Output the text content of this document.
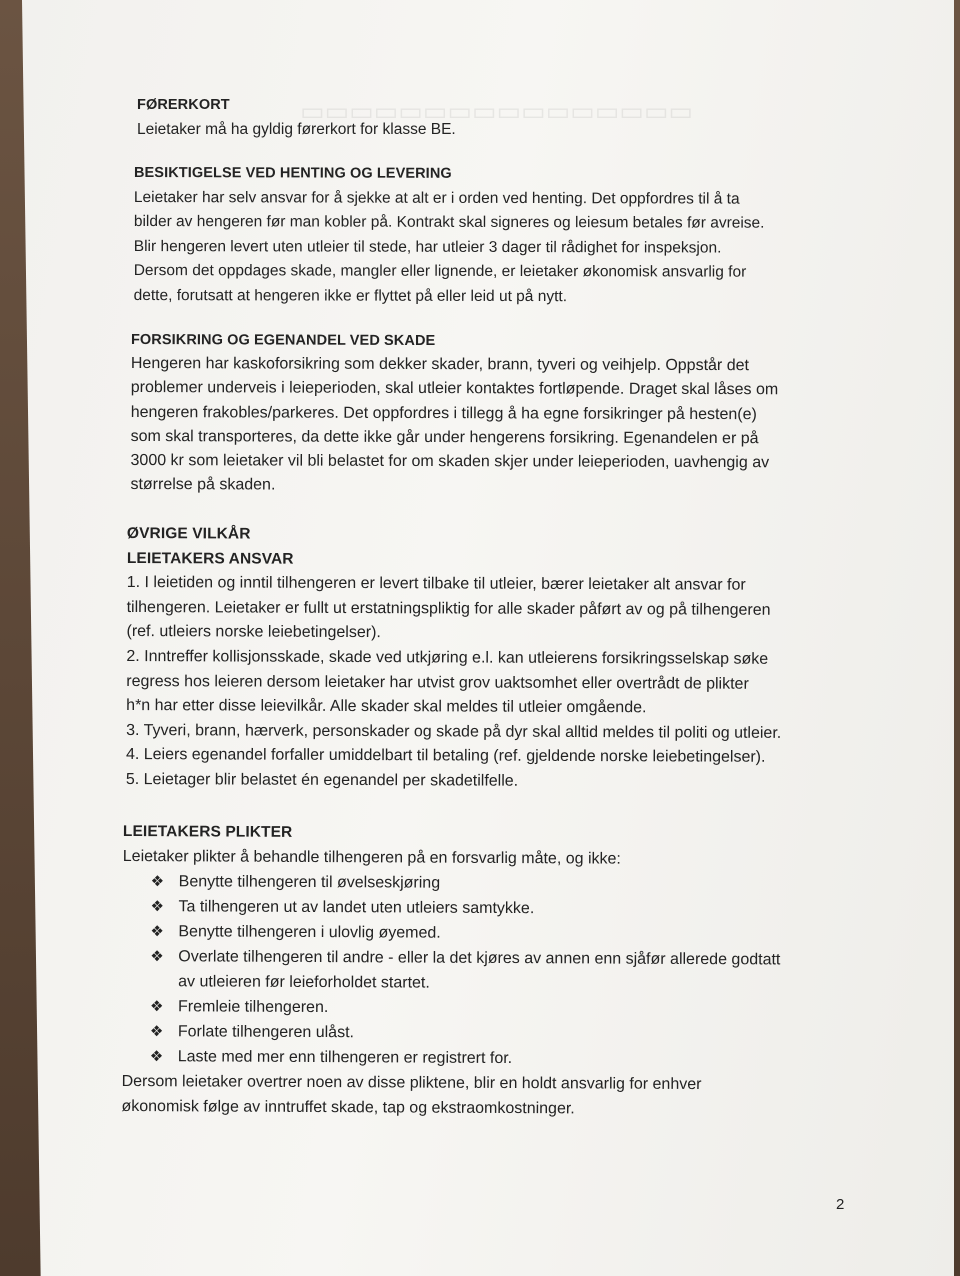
▭▭▭▭▭▭▭▭▭▭▭▭▭▭▭▭
FØRERKORT
Leietaker må ha gyldig førerkort for klasse BE.
BESIKTIGELSE VED HENTING OG LEVERING
Leietaker har selv ansvar for å sjekke at alt er i orden ved henting. Det oppfordres til å ta
bilder av hengeren før man kobler på. Kontrakt skal signeres og leiesum betales før avreise.
Blir hengeren levert uten utleier til stede, har utleier 3 dager til rådighet for inspeksjon.
Dersom det oppdages skade, mangler eller lignende, er leietaker økonomisk ansvarlig for
dette, forutsatt at hengeren ikke er flyttet på eller leid ut på nytt.
FORSIKRING OG EGENANDEL VED SKADE
Hengeren har kaskoforsikring som dekker skader, brann, tyveri og veihjelp. Oppstår det
problemer underveis i leieperioden, skal utleier kontaktes fortløpende. Draget skal låses om
hengeren frakobles/parkeres. Det oppfordres i tillegg å ha egne forsikringer på hesten(e)
som skal transporteres, da dette ikke går under hengerens forsikring. Egenandelen er på
3000 kr som leietaker vil bli belastet for om skaden skjer under leieperioden, uavhengig av
størrelse på skaden.
ØVRIGE VILKÅR
LEIETAKERS ANSVAR
1. I leietiden og inntil tilhengeren er levert tilbake til utleier, bærer leietaker alt ansvar for
tilhengeren. Leietaker er fullt ut erstatningspliktig for alle skader påført av og på tilhengeren
(ref. utleiers norske leiebetingelser).
2. Inntreffer kollisjonsskade, skade ved utkjøring e.l. kan utleierens forsikringsselskap søke
regress hos leieren dersom leietaker har utvist grov uaktsomhet eller overtrådt de plikter
h*n har etter disse leievilkår. Alle skader skal meldes til utleier omgående.
3. Tyveri, brann, hærverk, personskader og skade på dyr skal alltid meldes til politi og utleier.
4. Leiers egenandel forfaller umiddelbart til betaling (ref. gjeldende norske leiebetingelser).
5. Leietager blir belastet én egenandel per skadetilfelle.
LEIETAKERS PLIKTER
Leietaker plikter å behandle tilhengeren på en forsvarlig måte, og ikke:
❖ Benytte tilhengeren til øvelseskjøring
❖ Ta tilhengeren ut av landet uten utleiers samtykke.
❖ Benytte tilhengeren i ulovlig øyemed.
❖ Overlate tilhengeren til andre - eller la det kjøres av annen enn sjåfør allerede godtatt
av utleieren før leieforholdet startet.
❖ Fremleie tilhengeren.
❖ Forlate tilhengeren ulåst.
❖ Laste med mer enn tilhengeren er registrert for.
Dersom leietaker overtrer noen av disse pliktene, blir en holdt ansvarlig for enhver
økonomisk følge av inntruffet skade, tap og ekstraomkostninger.
2
